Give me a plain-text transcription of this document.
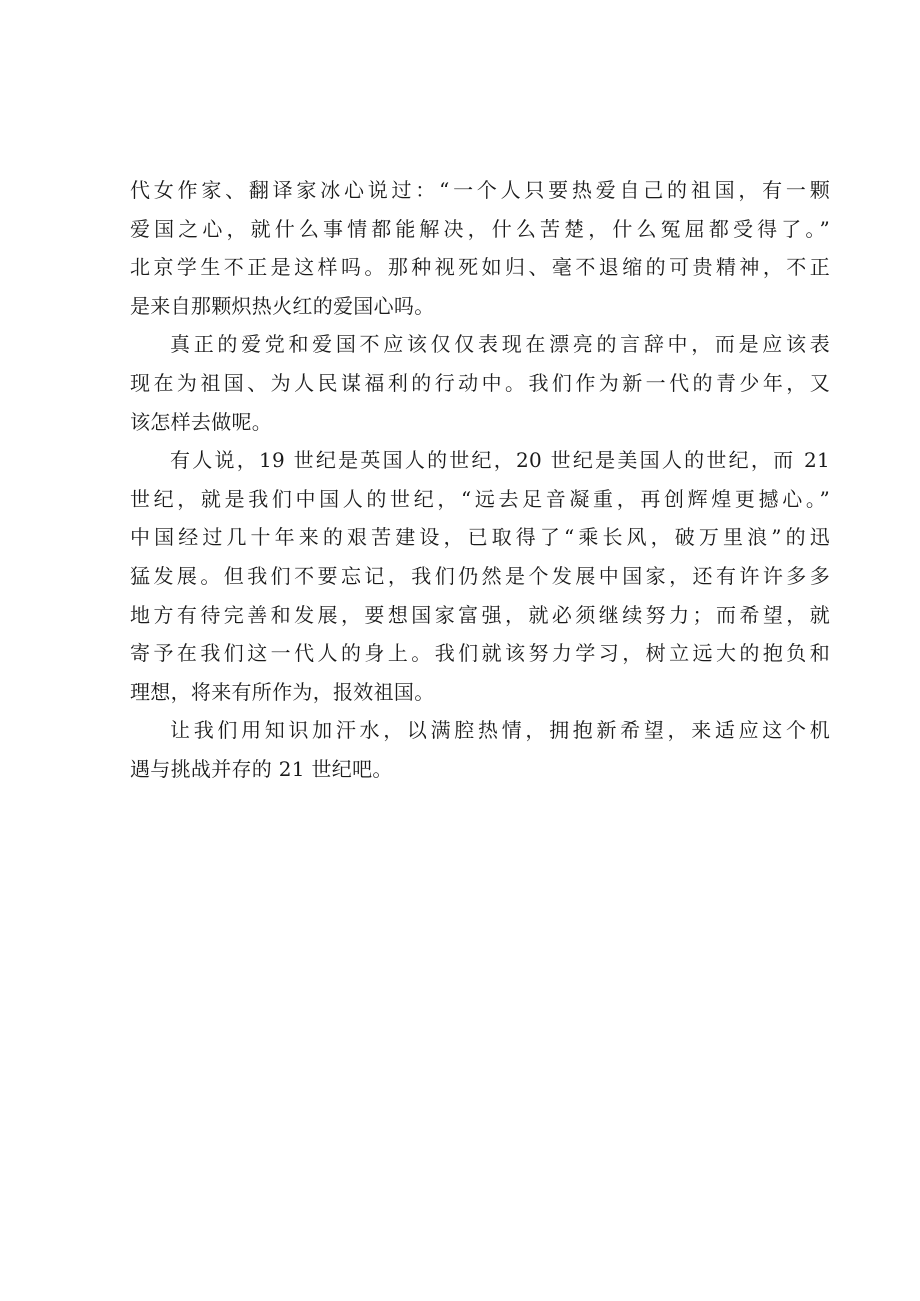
代女作家、翻译家冰心说过：“一个人只要热爱自己的祖国，有一颗
爱国之心，就什么事情都能解决，什么苦楚，什么冤屈都受得了。”
北京学生不正是这样吗。那种视死如归、毫不退缩的可贵精神，不正
是来自那颗炽热火红的爱国心吗。
真正的爱党和爱国不应该仅仅表现在漂亮的言辞中，而是应该表
现在为祖国、为人民谋福利的行动中。我们作为新一代的青少年，又
该怎样去做呢。
有人说，19 世纪是英国人的世纪，20 世纪是美国人的世纪，而 21
世纪，就是我们中国人的世纪，“远去足音凝重，再创辉煌更撼心。”
中国经过几十年来的艰苦建设，已取得了“乘长风，破万里浪”的迅
猛发展。但我们不要忘记，我们仍然是个发展中国家，还有许许多多
地方有待完善和发展，要想国家富强，就必须继续努力；而希望，就
寄予在我们这一代人的身上。我们就该努力学习，树立远大的抱负和
理想，将来有所作为，报效祖国。
让我们用知识加汗水，以满腔热情，拥抱新希望，来适应这个机
遇与挑战并存的 21 世纪吧。
